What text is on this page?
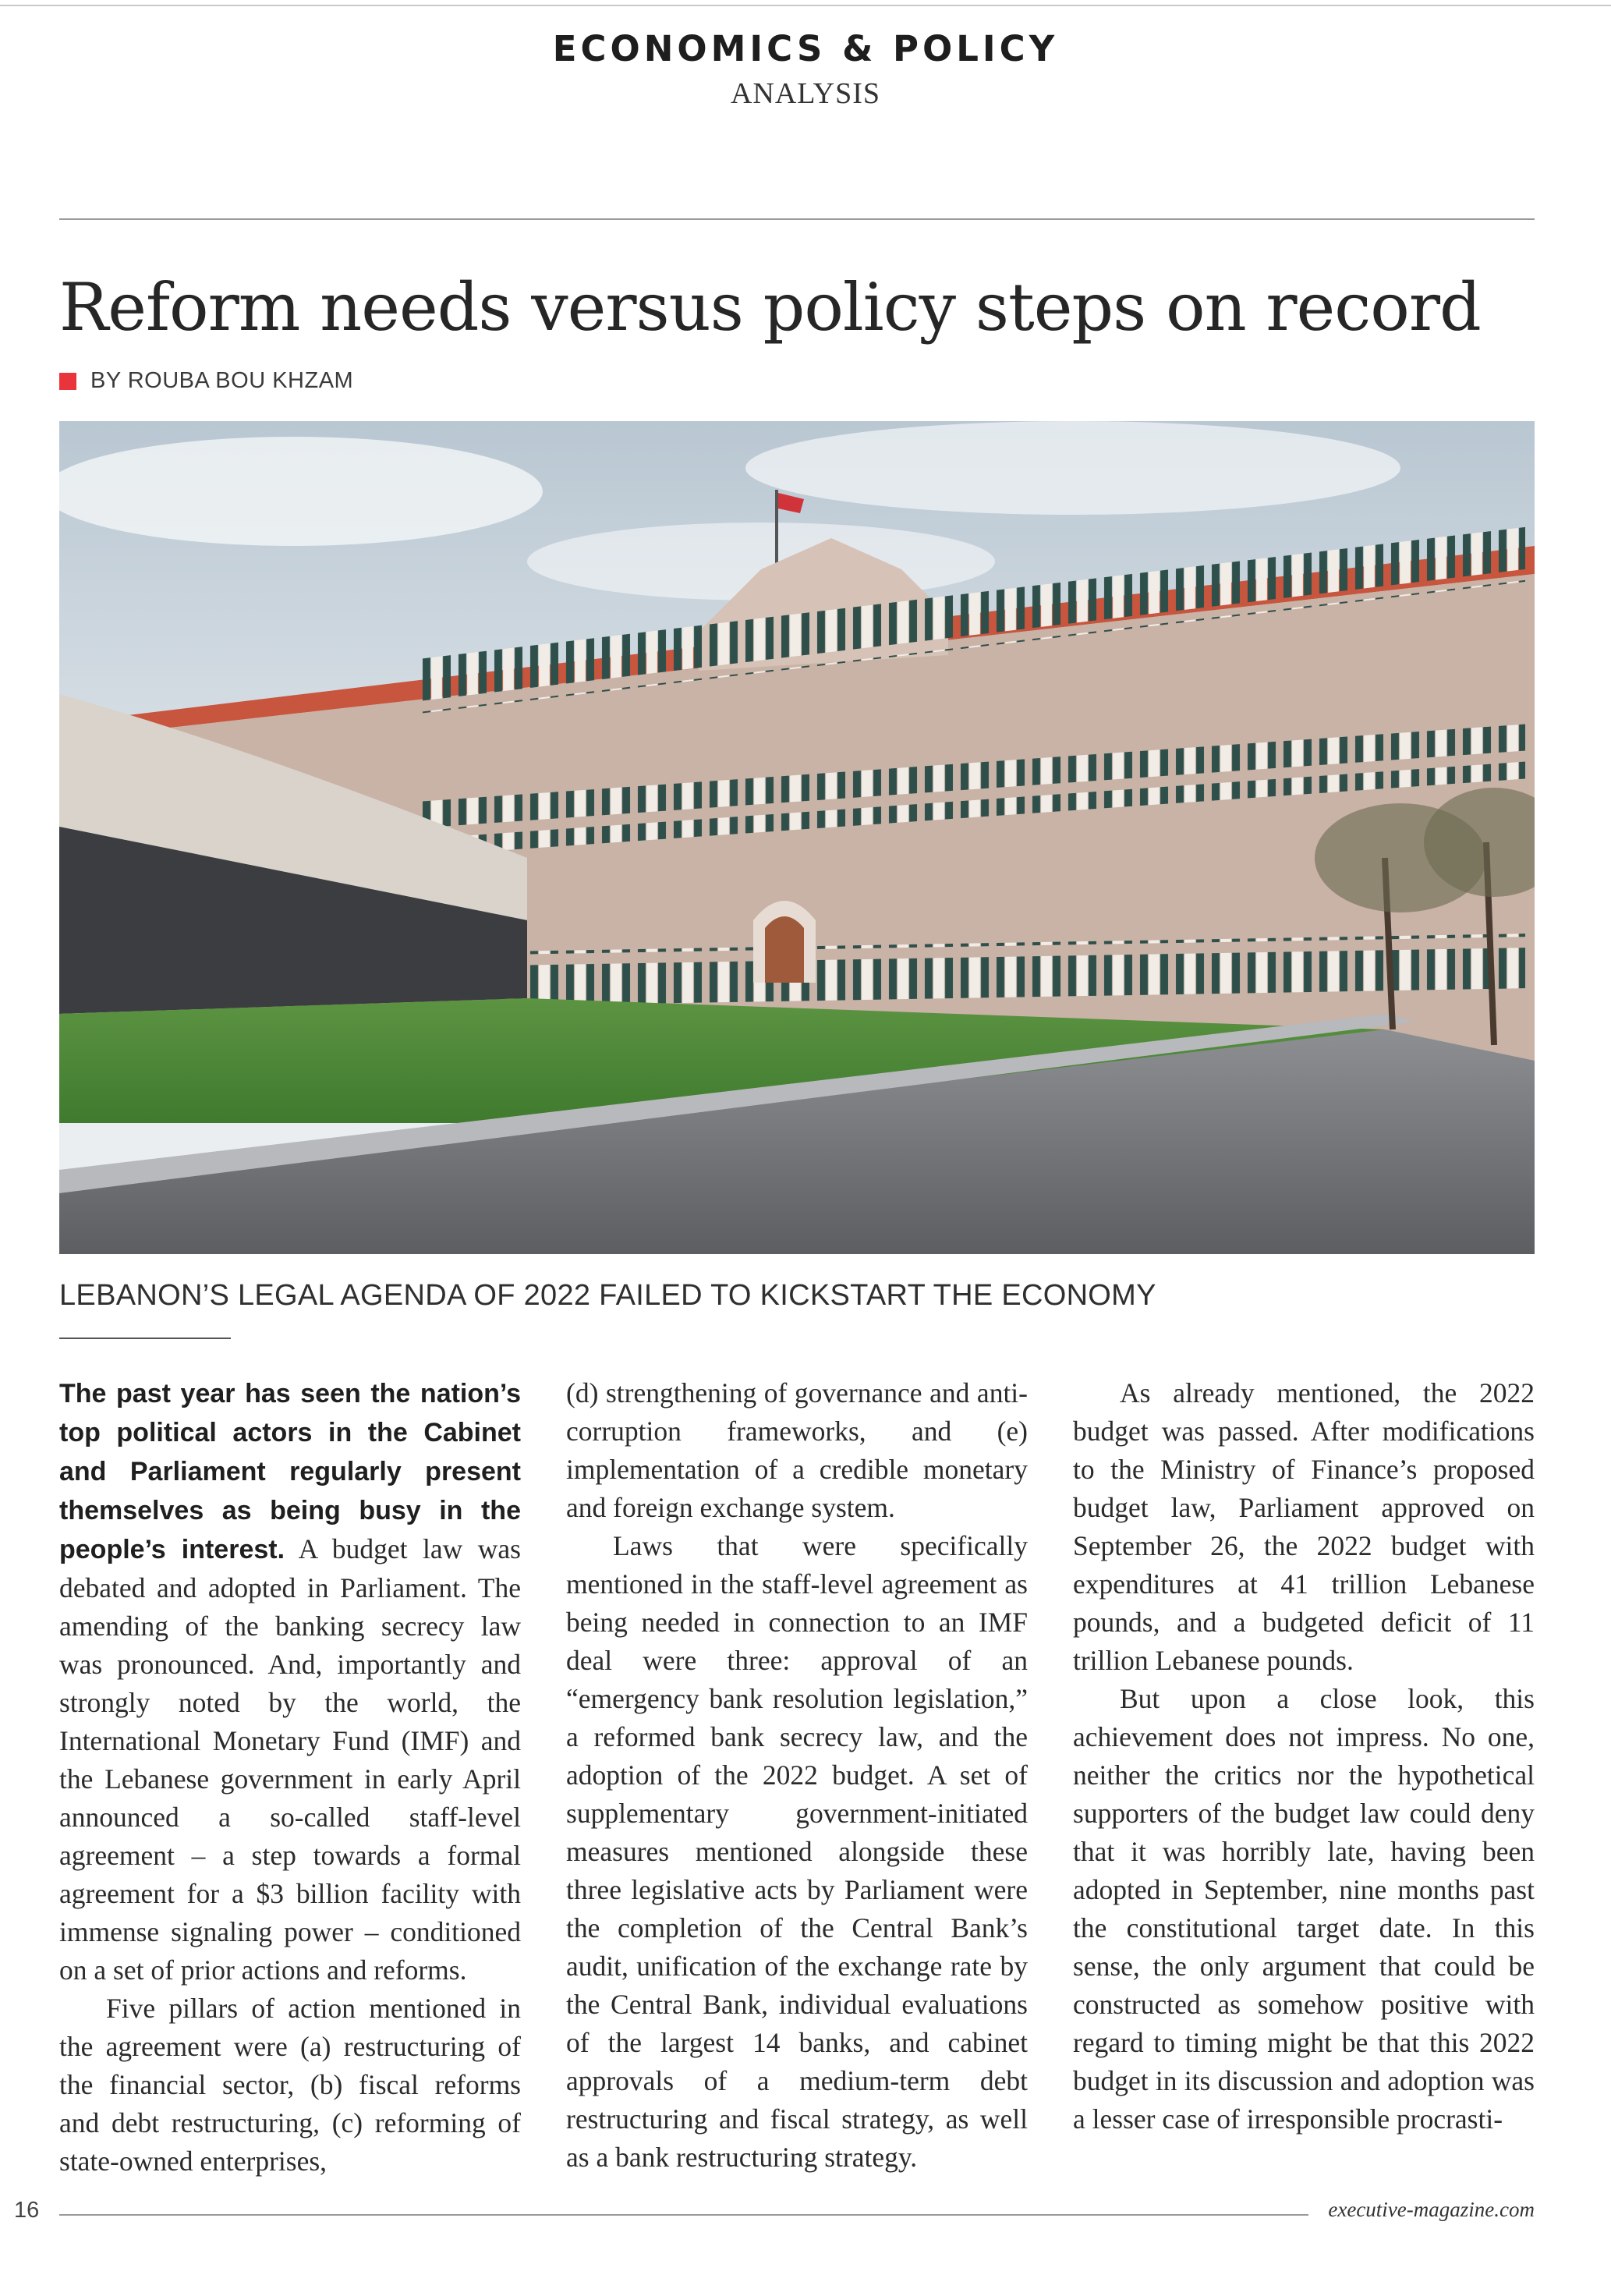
ECONOMICS & POLICY
ANALYSIS
Reform needs versus policy steps on record
BY ROUBA BOU KHZAM
LEBANON’S LEGAL AGENDA OF 2022 FAILED TO KICKSTART THE ECONOMY

The past year has seen the nation’s top political actors in the Cabinet and Parliament regularly present themselves as being busy in the people’s interest. A budget law was debated and adopted in Parliament. The amending of the banking secrecy law was pronounced. And, importantly and strongly noted by the world, the International Monetary Fund (IMF) and the Lebanese government in early April announced a so-called staff-level agreement – a step towards a formal agreement for a $3 billion facility with immense signaling power – conditioned on a set of prior actions and reforms.

Five pillars of action mentioned in the agreement were (a) restructuring of the financial sector, (b) fiscal reforms and debt restructuring, (c) reforming of state-owned enterprises,

(d) strengthening of governance and anti-corruption frameworks, and (e) implementation of a credible monetary and foreign exchange system.

Laws that were specifically mentioned in the staff-level agreement as being needed in connection to an IMF deal were three: approval of an “emergency bank resolution legislation,” a reformed bank secrecy law, and the adoption of the 2022 budget. A set of supplementary government-initiated measures mentioned alongside these three legislative acts by Parliament were the completion of the Central Bank’s audit, unification of the exchange rate by the Central Bank, individual evaluations of the largest 14 banks, and cabinet approvals of a medium-term debt restructuring and fiscal strategy, as well as a bank restructuring strategy.

As already mentioned, the 2022 budget was passed. After modifications to the Ministry of Finance’s proposed budget law, Parliament approved on September 26, the 2022 budget with expenditures at 41 trillion Lebanese pounds, and a budgeted deficit of 11 trillion Lebanese pounds.

But upon a close look, this achievement does not impress. No one, neither the critics nor the hypothetical supporters of the budget law could deny that it was horribly late, having been adopted in September, nine months past the constitutional target date. In this sense, the only argument that could be constructed as somehow positive with regard to timing might be that this 2022 budget in its discussion and adoption was a lesser case of irresponsible procrasti-

16	executive-magazine.com
